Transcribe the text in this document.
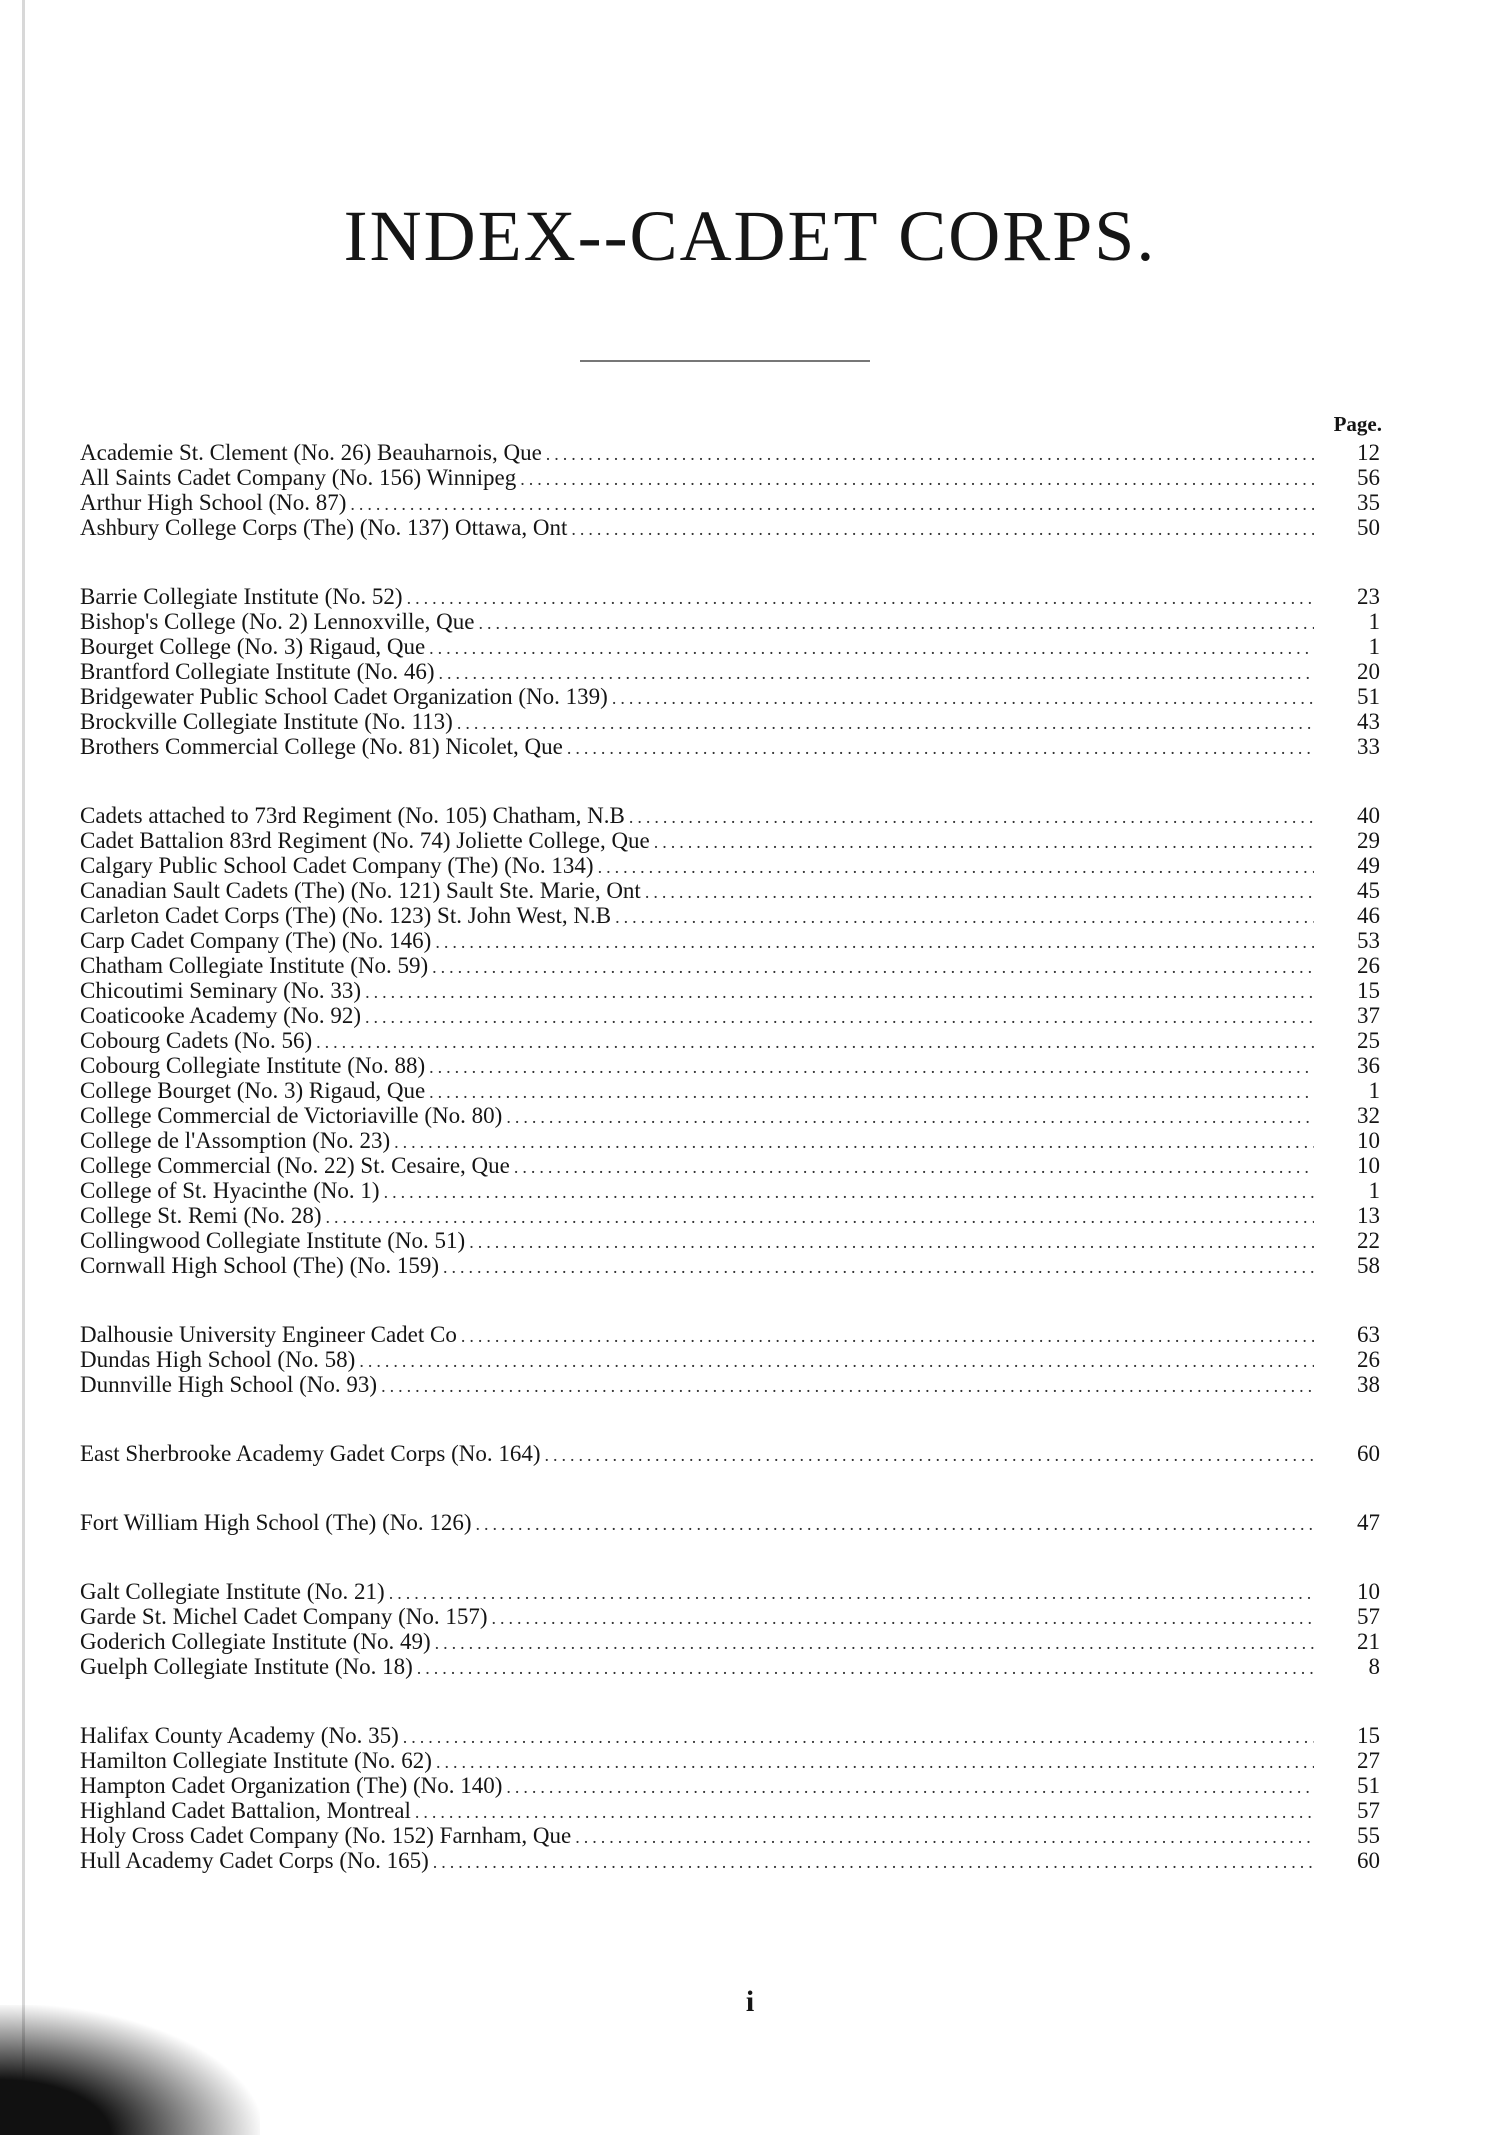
INDEX--CADET CORPS.
Page.
Academie St. Clement (No. 26) Beauharnois, Que .....	12
All Saints Cadet Company (No. 156) Winnipeg .....	56
Arthur High School (No. 87) .....	35
Ashbury College Corps (The) (No. 137) Ottawa, Ont .....	50
Barrie Collegiate Institute (No. 52) .....	23
Bishop's College (No. 2) Lennoxville, Que .....	1
Bourget College (No. 3) Rigaud, Que .....	1
Brantford Collegiate Institute (No. 46) .....	20
Bridgewater Public School Cadet Organization (No. 139) .....	51
Brockville Collegiate Institute (No. 113) .....	43
Brothers Commercial College (No. 81) Nicolet, Que .....	33
Cadets attached to 73rd Regiment (No. 105) Chatham, N.B .....	40
Cadet Battalion 83rd Regiment (No. 74) Joliette College, Que .....	29
Calgary Public School Cadet Company (The) (No. 134) .....	49
Canadian Sault Cadets (The) (No. 121) Sault Ste. Marie, Ont .....	45
Carleton Cadet Corps (The) (No. 123) St. John West, N.B .....	46
Carp Cadet Company (The) (No. 146) .....	53
Chatham Collegiate Institute (No. 59) .....	26
Chicoutimi Seminary (No. 33) .....	15
Coaticooke Academy (No. 92) .....	37
Cobourg Cadets (No. 56) .....	25
Cobourg Collegiate Institute (No. 88) .....	36
College Bourget (No. 3) Rigaud, Que .....	1
College Commercial de Victoriaville (No. 80) .....	32
College de l'Assomption (No. 23) .....	10
College Commercial (No. 22) St. Cesaire, Que .....	10
College of St. Hyacinthe (No. 1) .....	1
College St. Remi (No. 28) .....	13
Collingwood Collegiate Institute (No. 51) .....	22
Cornwall High School (The) (No. 159) .....	58
Dalhousie University Engineer Cadet Co .....	63
Dundas High School (No. 58) .....	26
Dunnville High School (No. 93) .....	38
East Sherbrooke Academy Gadet Corps (No. 164) .....	60
Fort William High School (The) (No. 126) .....	47
Galt Collegiate Institute (No. 21) .....	10
Garde St. Michel Cadet Company (No. 157) .....	57
Goderich Collegiate Institute (No. 49) .....	21
Guelph Collegiate Institute (No. 18) .....	8
Halifax County Academy (No. 35) .....	15
Hamilton Collegiate Institute (No. 62) .....	27
Hampton Cadet Organization (The) (No. 140) .....	51
Highland Cadet Battalion, Montreal .....	57
Holy Cross Cadet Company (No. 152) Farnham, Que .....	55
Hull Academy Cadet Corps (No. 165) .....	60
i
